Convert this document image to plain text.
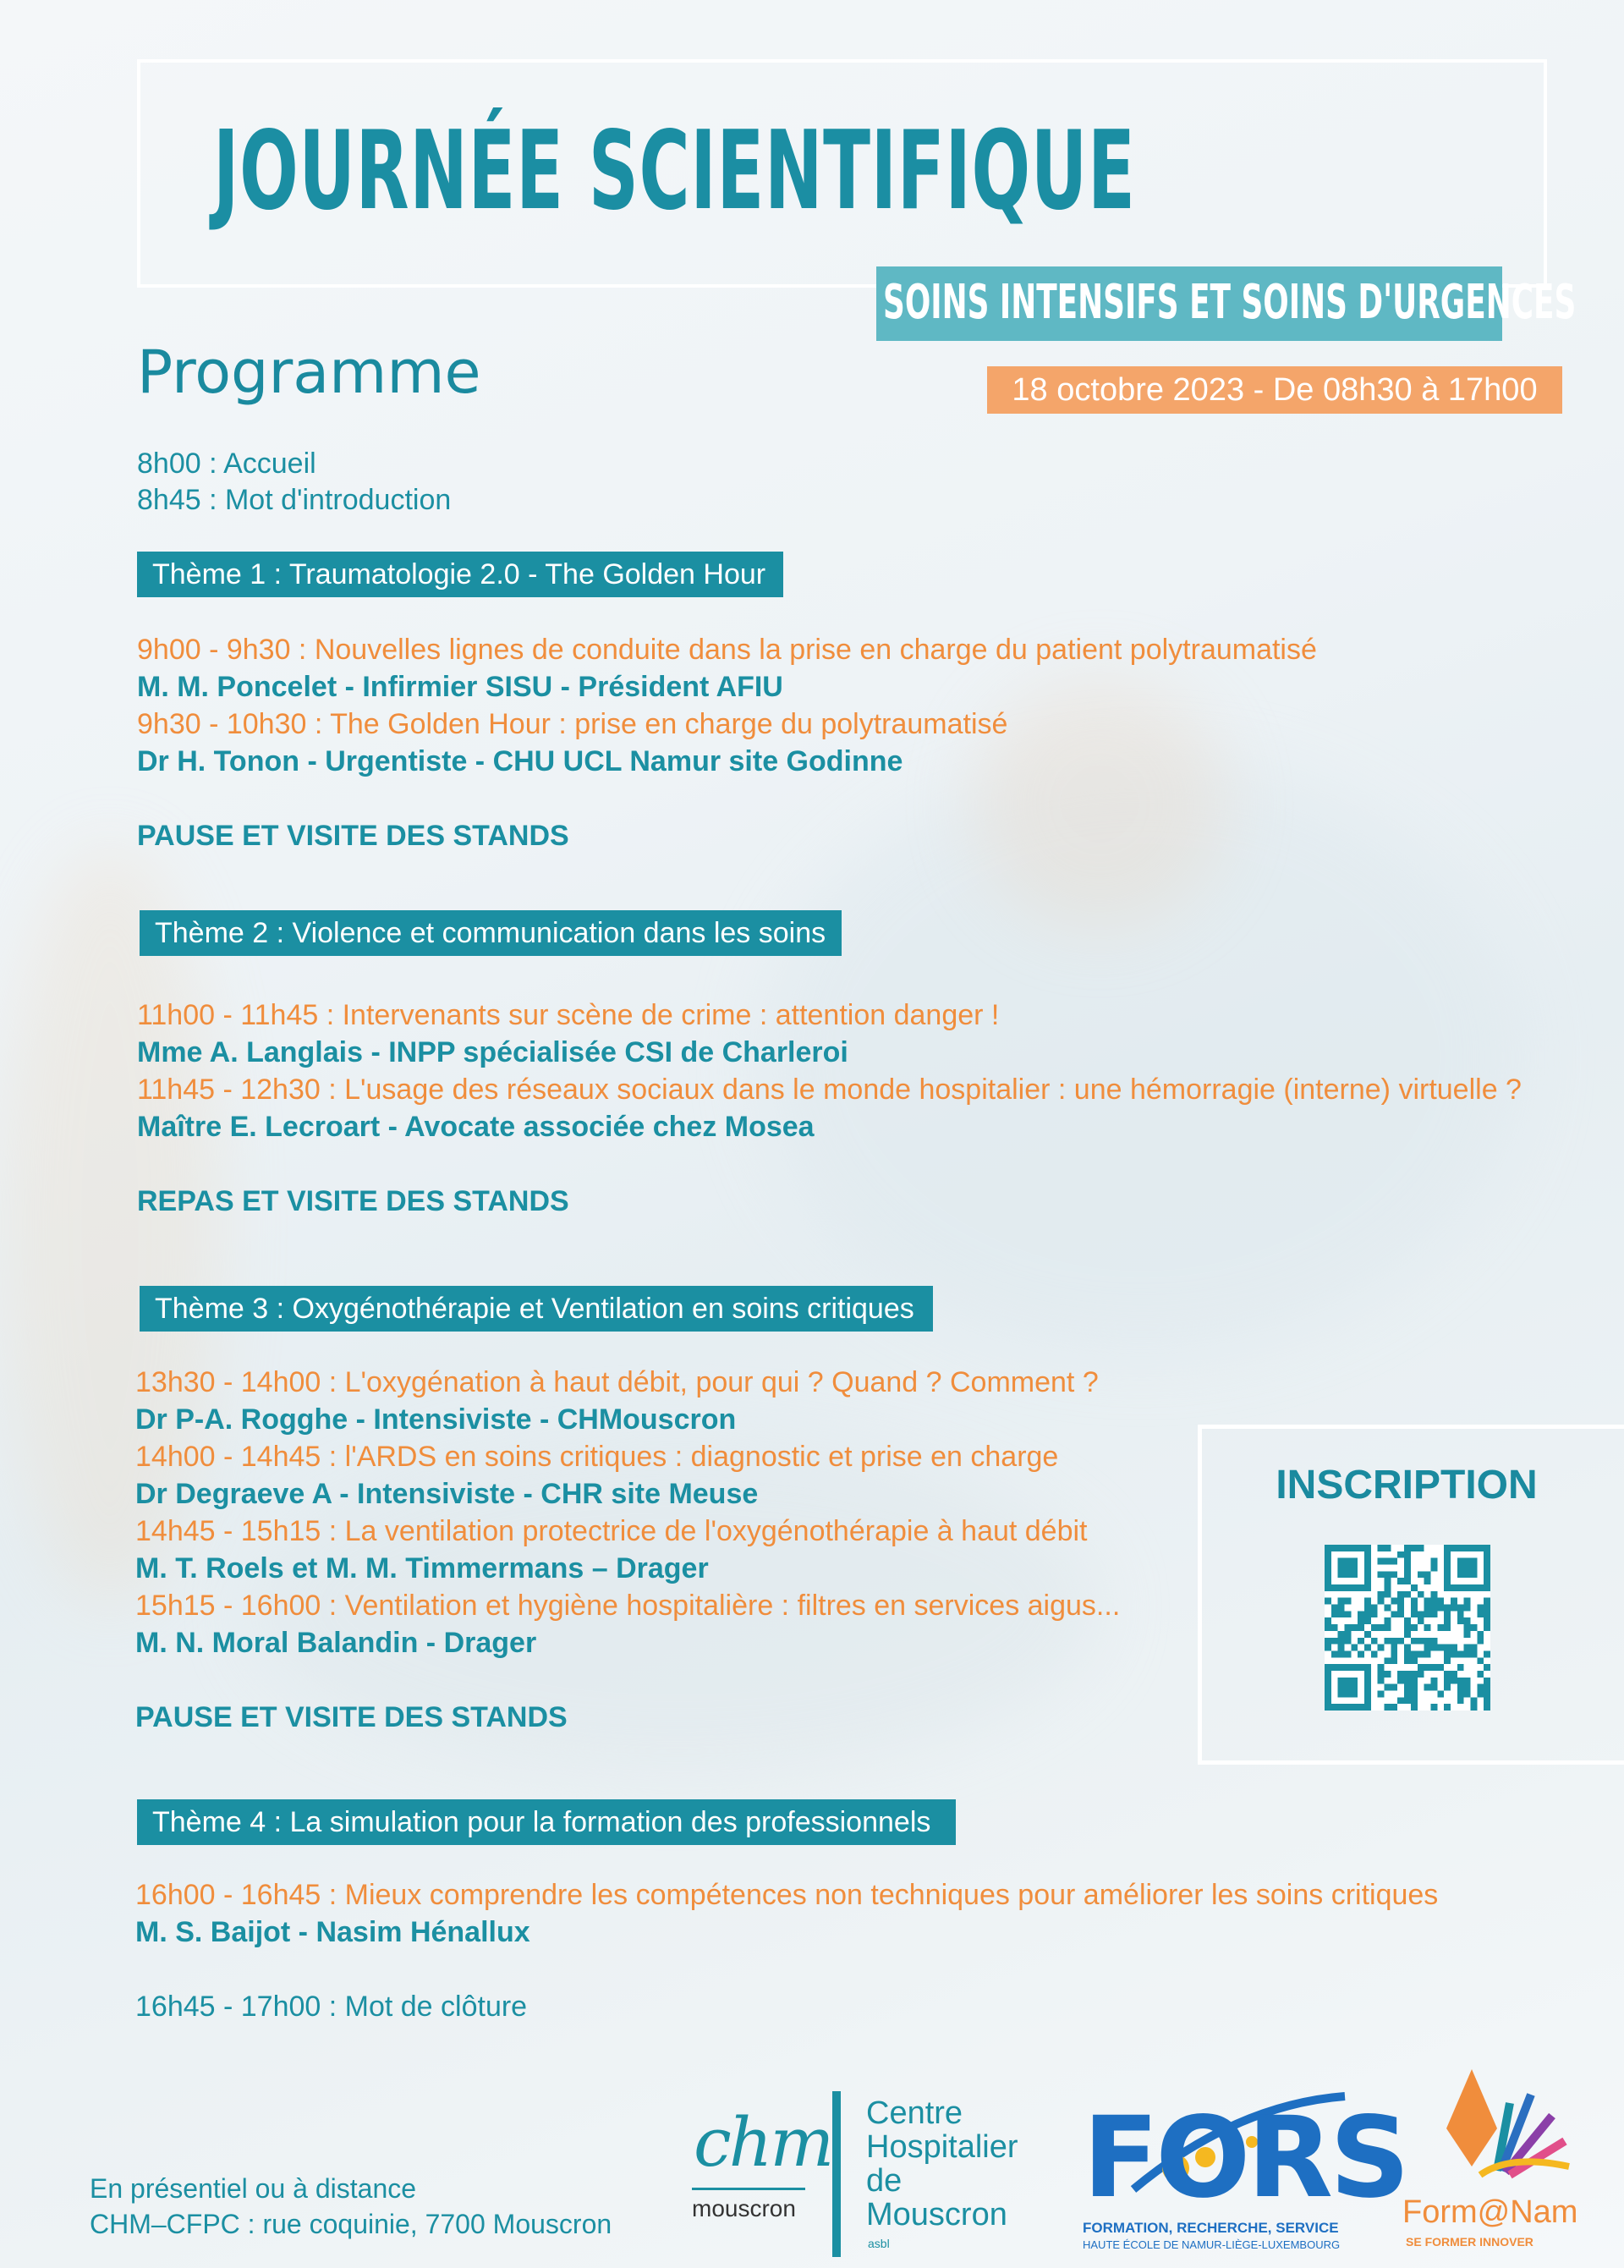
JOURNÉE SCIENTIFIQUE
SOINS INTENSIFS ET SOINS D'URGENCES
Programme	18 octobre 2023 - De 08h30 à 17h00
8h00 : Accueil
8h45 : Mot d'introduction
Thème 1 : Traumatologie 2.0 - The Golden Hour
9h00 - 9h30 : Nouvelles lignes de conduite dans la prise en charge du patient polytraumatisé
M. M. Poncelet - Infirmier SISU - Président AFIU
9h30 - 10h30 : The Golden Hour : prise en charge du polytraumatisé
Dr H. Tonon - Urgentiste - CHU UCL Namur site Godinne
PAUSE ET VISITE DES STANDS
Thème 2 : Violence et communication dans les soins
11h00 - 11h45 : Intervenants sur scène de crime : attention danger !
Mme A. Langlais - INPP spécialisée CSI de Charleroi
11h45 - 12h30 : L'usage des réseaux sociaux dans le monde hospitalier : une hémorragie (interne) virtuelle ?
Maître E. Lecroart - Avocate associée chez Mosea
REPAS ET VISITE DES STANDS
Thème 3 : Oxygénothérapie et Ventilation en soins critiques
13h30 - 14h00 : L'oxygénation à haut débit, pour qui ? Quand ? Comment ?
Dr P-A. Rogghe - Intensiviste - CHMouscron
14h00 - 14h45 : l'ARDS en soins critiques : diagnostic et prise en charge
Dr Degraeve A - Intensiviste - CHR site Meuse
14h45 - 15h15 : La ventilation protectrice de l'oxygénothérapie à haut débit
M. T. Roels et M. M. Timmermans – Drager
15h15 - 16h00 : Ventilation et hygiène hospitalière : filtres en services aigus...
M. N. Moral Balandin - Drager
PAUSE ET VISITE DES STANDS
Thème 4 : La simulation pour la formation des professionnels
16h00 - 16h45 : Mieux comprendre les compétences non techniques pour améliorer les soins critiques
M. S. Baijot - Nasim Hénallux
16h45 - 17h00 : Mot de clôture
INSCRIPTION
En présentiel ou à distance
CHM–CFPC : rue coquinie, 7700 Mouscron
chm
mouscron
Centre
Hospitalier
de
Mouscron
asbl
FORS
FORMATION, RECHERCHE, SERVICE
HAUTE ÉCOLE DE NAMUR-LIÈGE-LUXEMBOURG
Form@Nam
SE FORMER INNOVER
